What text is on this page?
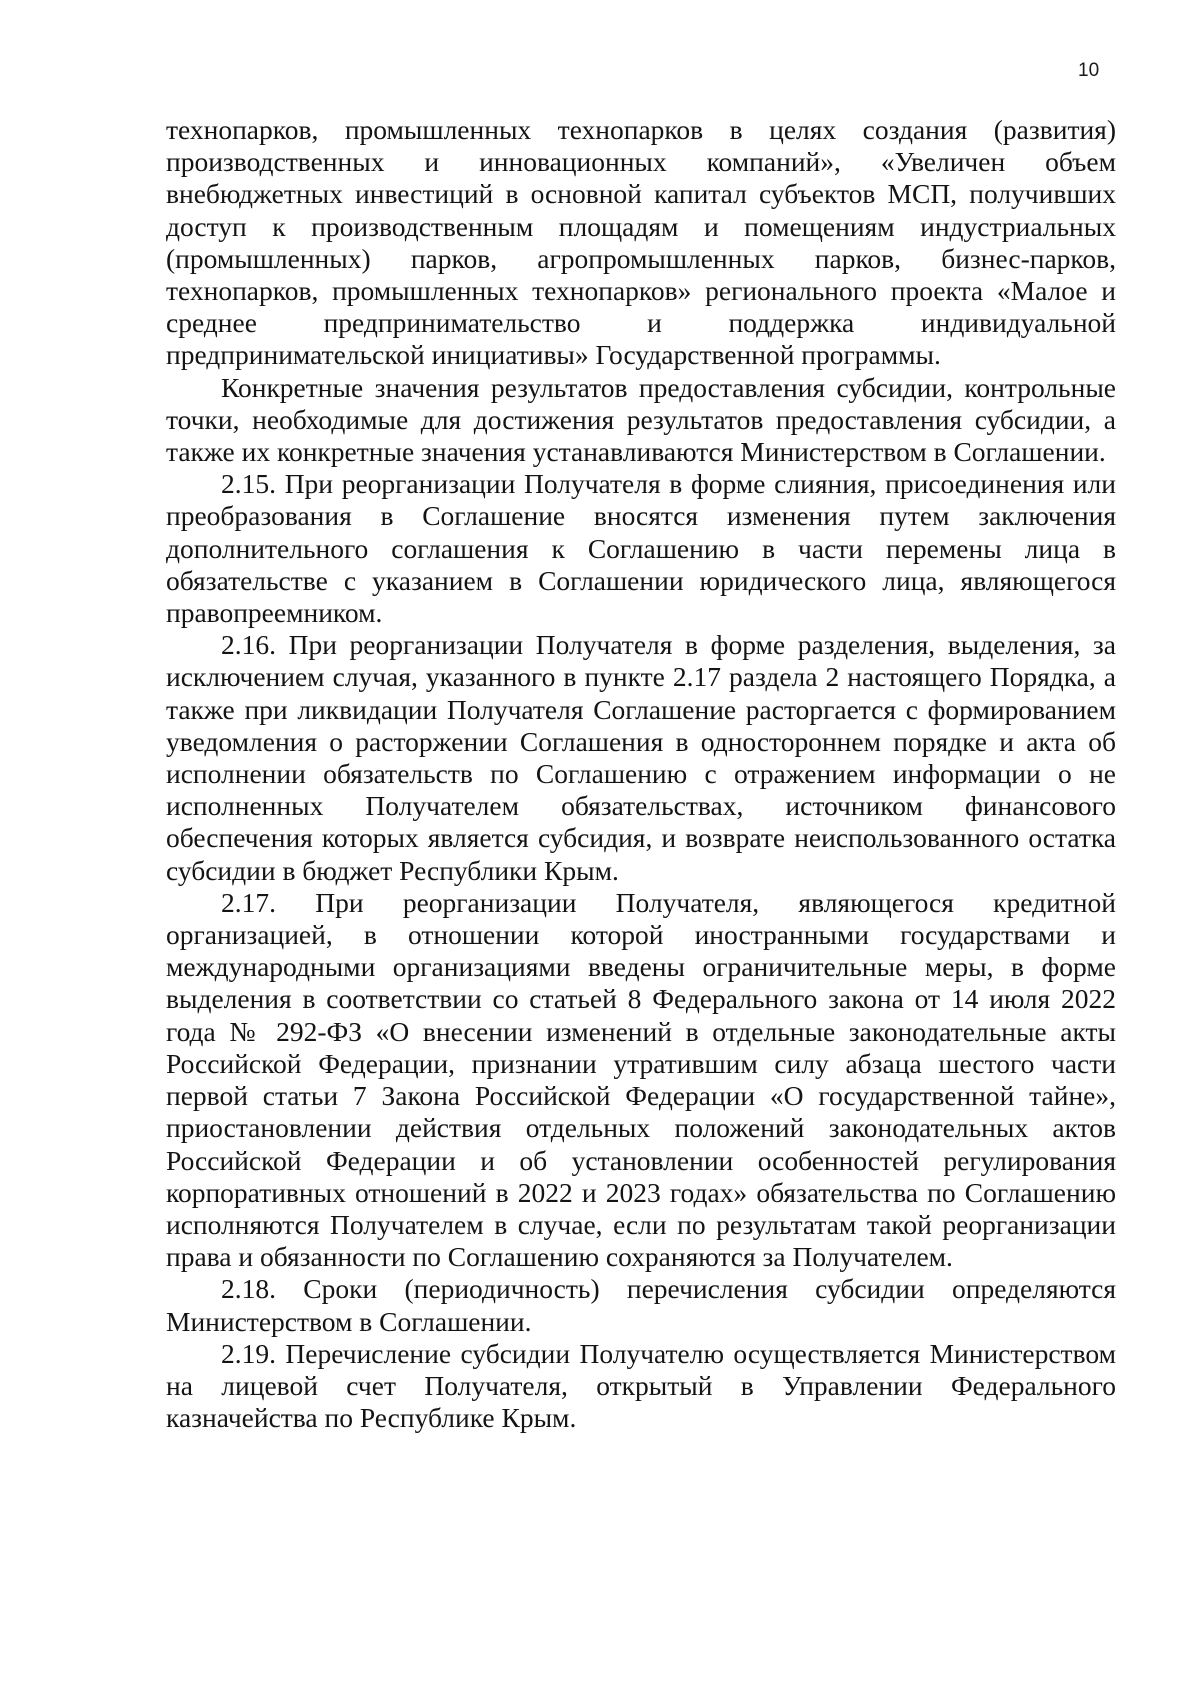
10

технопарков, промышленных технопарков в целях создания (развития) производственных и инновационных компаний», «Увеличен объем внебюджетных инвестиций в основной капитал субъектов МСП, получивших доступ к производственным площадям и помещениям индустриальных (промышленных) парков, агропромышленных парков, бизнес-парков, технопарков, промышленных технопарков» регионального проекта «Малое и среднее предпринимательство и поддержка индивидуальной предпринимательской инициативы» Государственной программы.

Конкретные значения результатов предоставления субсидии, контрольные точки, необходимые для достижения результатов предоставления субсидии, а также их конкретные значения устанавливаются Министерством в Соглашении.

2.15. При реорганизации Получателя в форме слияния, присоединения или преобразования в Соглашение вносятся изменения путем заключения дополнительного соглашения к Соглашению в части перемены лица в обязательстве с указанием в Соглашении юридического лица, являющегося правопреемником.

2.16. При реорганизации Получателя в форме разделения, выделения, за исключением случая, указанного в пункте 2.17 раздела 2 настоящего Порядка, а также при ликвидации Получателя Соглашение расторгается с формированием уведомления о расторжении Соглашения в одностороннем порядке и акта об исполнении обязательств по Соглашению с отражением информации о не исполненных Получателем обязательствах, источником финансового обеспечения которых является субсидия, и возврате неиспользованного остатка субсидии в бюджет Республики Крым.

2.17. При реорганизации Получателя, являющегося кредитной организацией, в отношении которой иностранными государствами и международными организациями введены ограничительные меры, в форме выделения в соответствии со статьей 8 Федерального закона от 14 июля 2022 года № 292-ФЗ «О внесении изменений в отдельные законодательные акты Российской Федерации, признании утратившим силу абзаца шестого части первой статьи 7 Закона Российской Федерации «О государственной тайне», приостановлении действия отдельных положений законодательных актов Российской Федерации и об установлении особенностей регулирования корпоративных отношений в 2022 и 2023 годах» обязательства по Соглашению исполняются Получателем в случае, если по результатам такой реорганизации права и обязанности по Соглашению сохраняются за Получателем.

2.18. Сроки (периодичность) перечисления субсидии определяются Министерством в Соглашении.

2.19. Перечисление субсидии Получателю осуществляется Министерством на лицевой счет Получателя, открытый в Управлении Федерального казначейства по Республике Крым.
